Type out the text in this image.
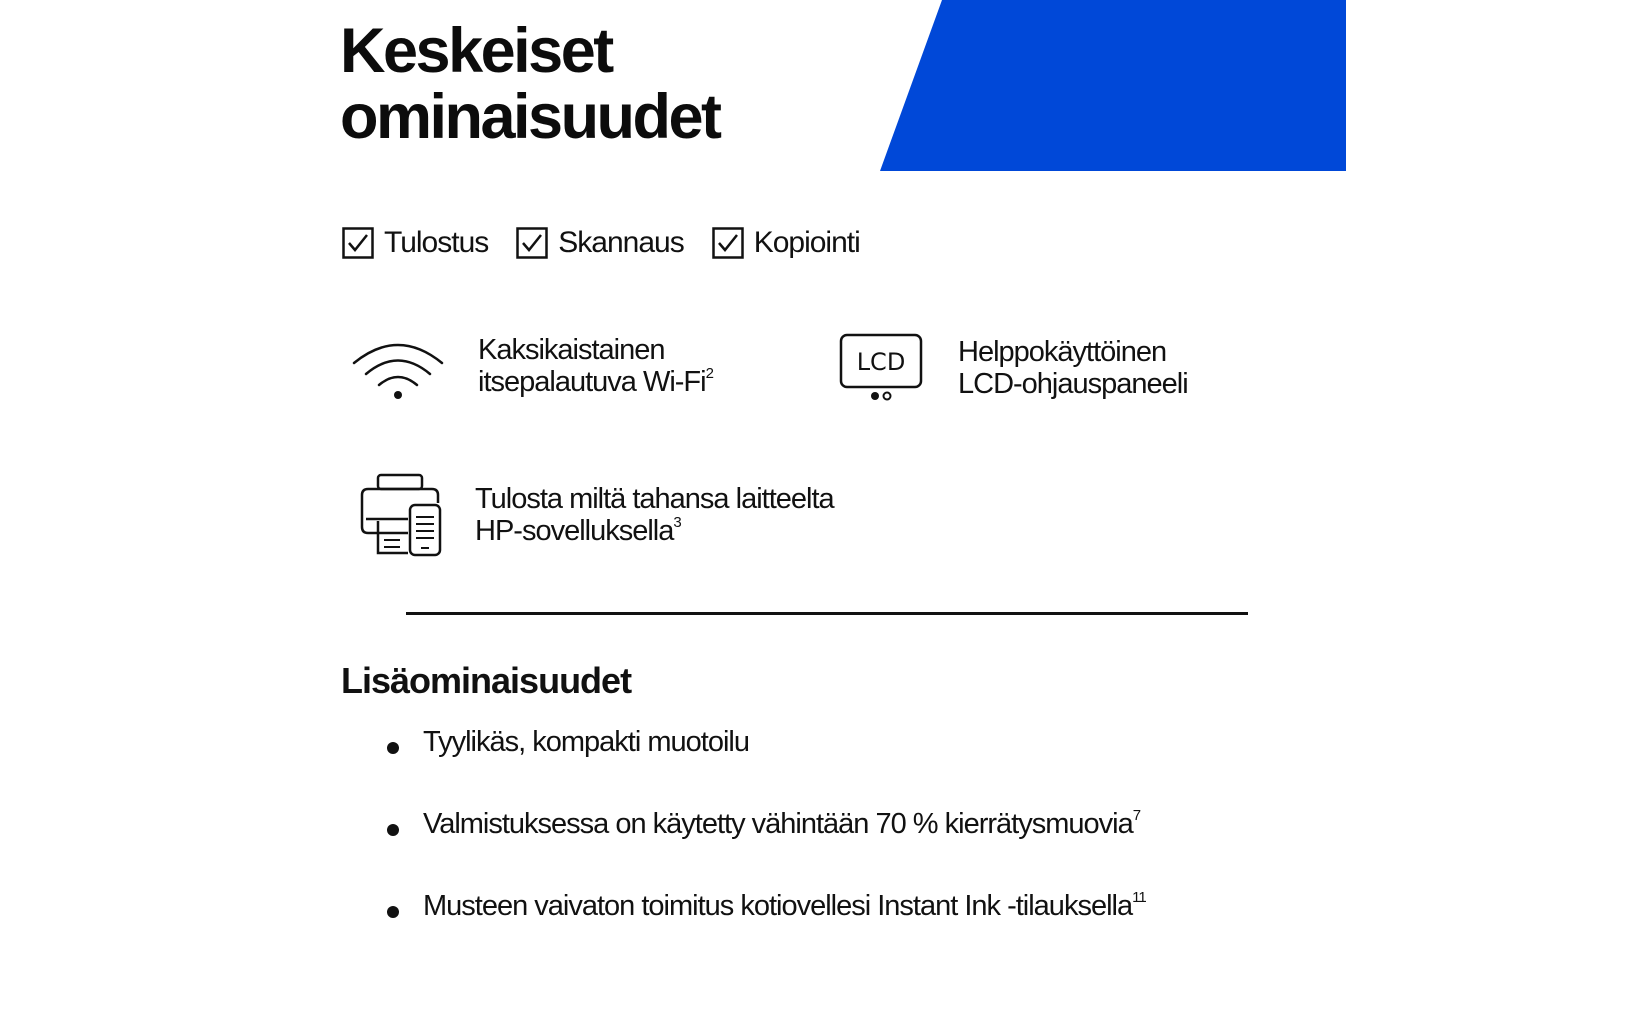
Keskeiset
ominaisuudet
Tulostus Skannaus Kopiointi
Kaksikaistainen
itsepalautuva Wi-Fi$^2$	LCD Helppokäyttöinen
LCD-ohjauspaneeli
Tulosta miltä tahansa laitteelta
HP-sovelluksella$^3$
Lisäominaisuudet
Tyylikäs, kompakti muotoilu
Valmistuksessa on käytetty vähintään 70 % kierrätysmuovia$^7$
Musteen vaivaton toimitus kotiovellesi Instant Ink -tilauksella$^{11}$
